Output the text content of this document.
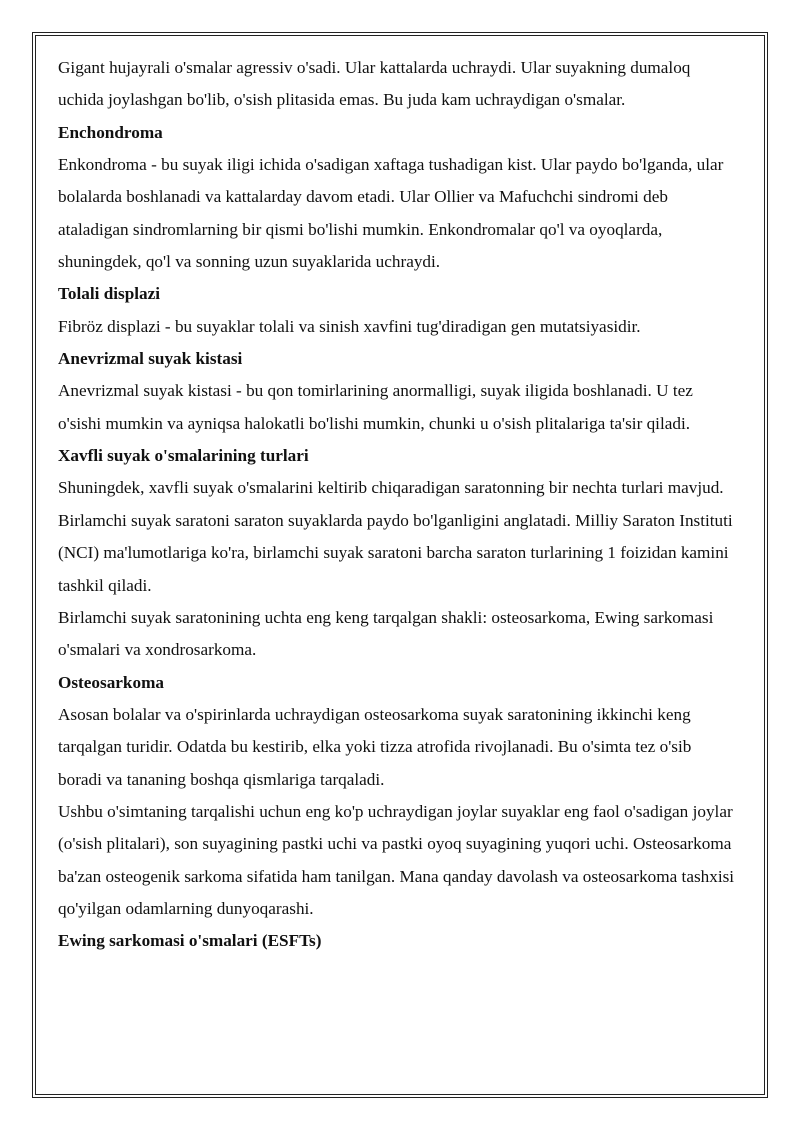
Gigant hujayrali o'smalar agressiv o'sadi. Ular kattalarda uchraydi. Ular suyakning dumaloq uchida joylashgan bo'lib, o'sish plitasida emas. Bu juda kam uchraydigan o'smalar.

Enchondroma

Enkondroma - bu suyak iligi ichida o'sadigan xaftaga tushadigan kist. Ular paydo bo'lganda, ular bolalarda boshlanadi va kattalarday davom etadi. Ular Ollier va Mafuchchi sindromi deb ataladigan sindromlarning bir qismi bo'lishi mumkin. Enkondromalar qo'l va oyoqlarda, shuningdek, qo'l va sonning uzun suyaklarida uchraydi.

Tolali displazi

Fibröz displazi - bu suyaklar tolali va sinish xavfini tug'diradigan gen mutatsiyasidir.

Anevrizmal suyak kistasi

Anevrizmal suyak kistasi - bu qon tomirlarining anormalligi, suyak iligida boshlanadi. U tez o'sishi mumkin va ayniqsa halokatli bo'lishi mumkin, chunki u o'sish plitalariga ta'sir qiladi.

Xavfli suyak o'smalarining turlari

Shuningdek, xavfli suyak o'smalarini keltirib chiqaradigan saratonning bir nechta turlari mavjud. Birlamchi suyak saratoni saraton suyaklarda paydo bo'lganligini anglatadi. Milliy Saraton Instituti (NCI) ma'lumotlariga ko'ra, birlamchi suyak saratoni barcha saraton turlarining 1 foizidan kamini tashkil qiladi.

Birlamchi suyak saratonining uchta eng keng tarqalgan shakli: osteosarkoma, Ewing sarkomasi o'smalari va xondrosarkoma.

Osteosarkoma

Asosan bolalar va o'spirinlarda uchraydigan osteosarkoma suyak saratonining ikkinchi keng tarqalgan turidir. Odatda bu kestirib, elka yoki tizza atrofida rivojlanadi. Bu o'simta tez o'sib boradi va tananing boshqa qismlariga tarqaladi.

Ushbu o'simtaning tarqalishi uchun eng ko'p uchraydigan joylar suyaklar eng faol o'sadigan joylar (o'sish plitalari), son suyagining pastki uchi va pastki oyoq suyagining yuqori uchi. Osteosarkoma ba'zan osteogenik sarkoma sifatida ham tanilgan. Mana qanday davolash va osteosarkoma tashxisi qo'yilgan odamlarning dunyoqarashi.

Ewing sarkomasi o'smalari (ESFTs)
